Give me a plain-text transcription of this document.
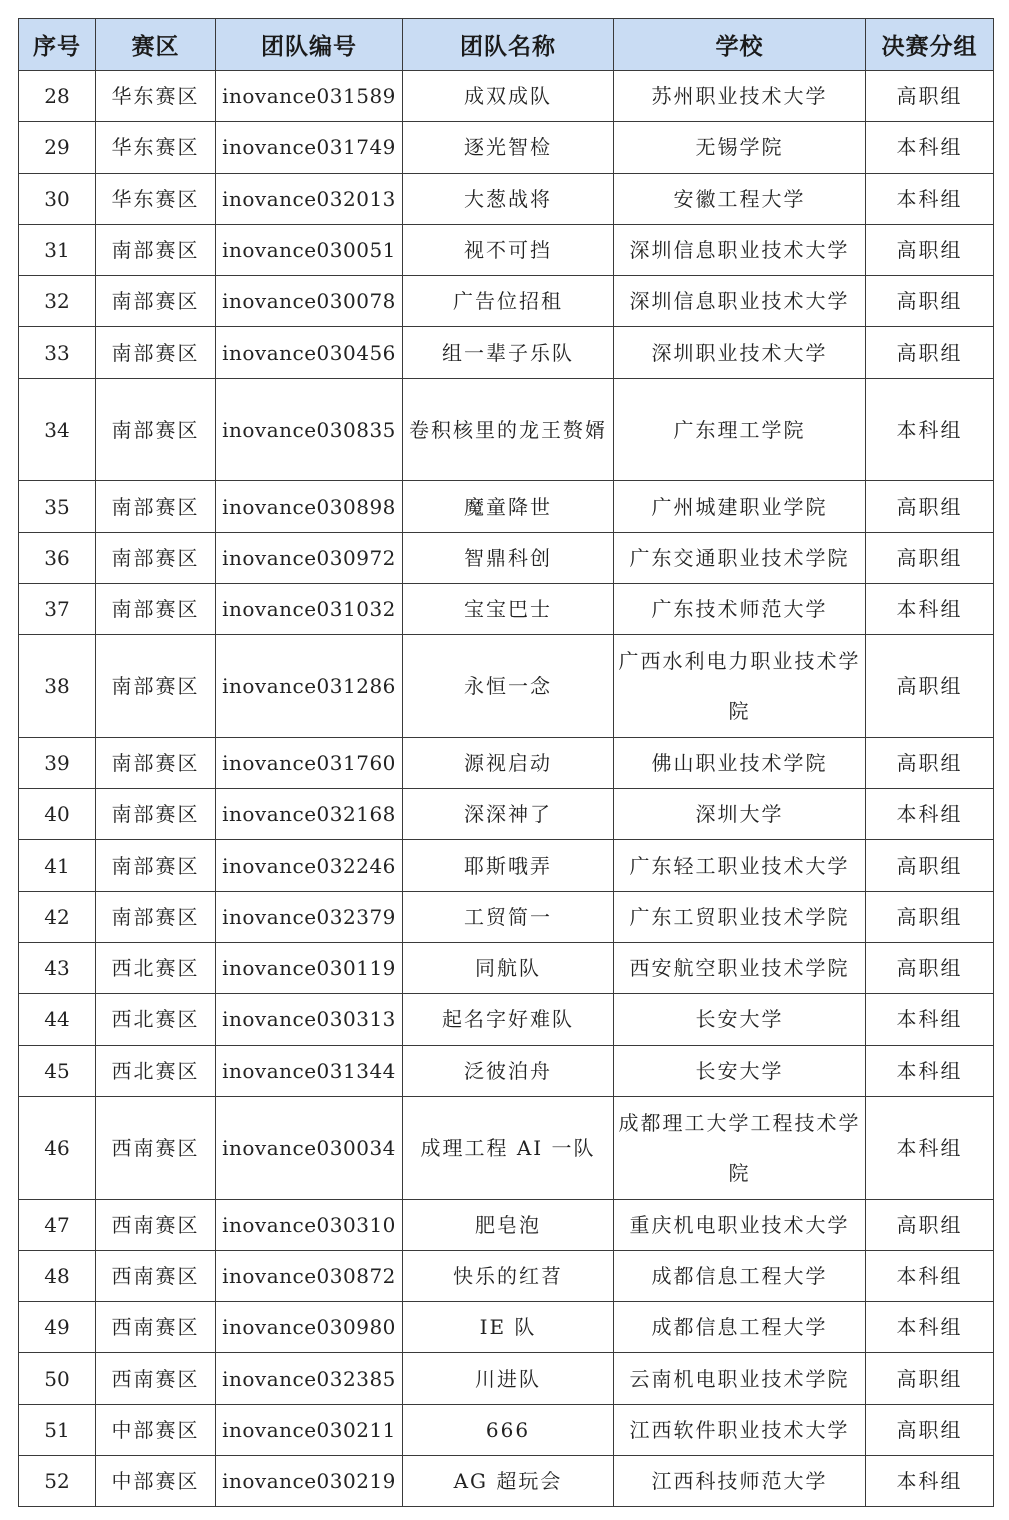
序号	赛区	团队编号	团队名称	学校	决赛分组
28	华东赛区	inovance031589	成双成队	苏州职业技术大学	高职组
29	华东赛区	inovance031749	逐光智检	无锡学院	本科组
30	华东赛区	inovance032013	大葱战将	安徽工程大学	本科组
31	南部赛区	inovance030051	视不可挡	深圳信息职业技术大学	高职组
32	南部赛区	inovance030078	广告位招租	深圳信息职业技术大学	高职组
33	南部赛区	inovance030456	组一辈子乐队	深圳职业技术大学	高职组
34	南部赛区	inovance030835	卷积核里的龙王赘婿	广东理工学院	本科组
35	南部赛区	inovance030898	魔童降世	广州城建职业学院	高职组
36	南部赛区	inovance030972	智鼎科创	广东交通职业技术学院	高职组
37	南部赛区	inovance031032	宝宝巴士	广东技术师范大学	本科组
38	南部赛区	inovance031286	永恒一念	广西水利电力职业技术学院	高职组
39	南部赛区	inovance031760	源视启动	佛山职业技术学院	高职组
40	南部赛区	inovance032168	深深神了	深圳大学	本科组
41	南部赛区	inovance032246	耶斯哦弄	广东轻工职业技术大学	高职组
42	南部赛区	inovance032379	工贸简一	广东工贸职业技术学院	高职组
43	西北赛区	inovance030119	同航队	西安航空职业技术学院	高职组
44	西北赛区	inovance030313	起名字好难队	长安大学	本科组
45	西北赛区	inovance031344	泛彼泊舟	长安大学	本科组
46	西南赛区	inovance030034	成理工程 AI 一队	成都理工大学工程技术学院	本科组
47	西南赛区	inovance030310	肥皂泡	重庆机电职业技术大学	高职组
48	西南赛区	inovance030872	快乐的红苕	成都信息工程大学	本科组
49	西南赛区	inovance030980	IE 队	成都信息工程大学	本科组
50	西南赛区	inovance032385	川进队	云南机电职业技术学院	高职组
51	中部赛区	inovance030211	666	江西软件职业技术大学	高职组
52	中部赛区	inovance030219	AG 超玩会	江西科技师范大学	本科组
